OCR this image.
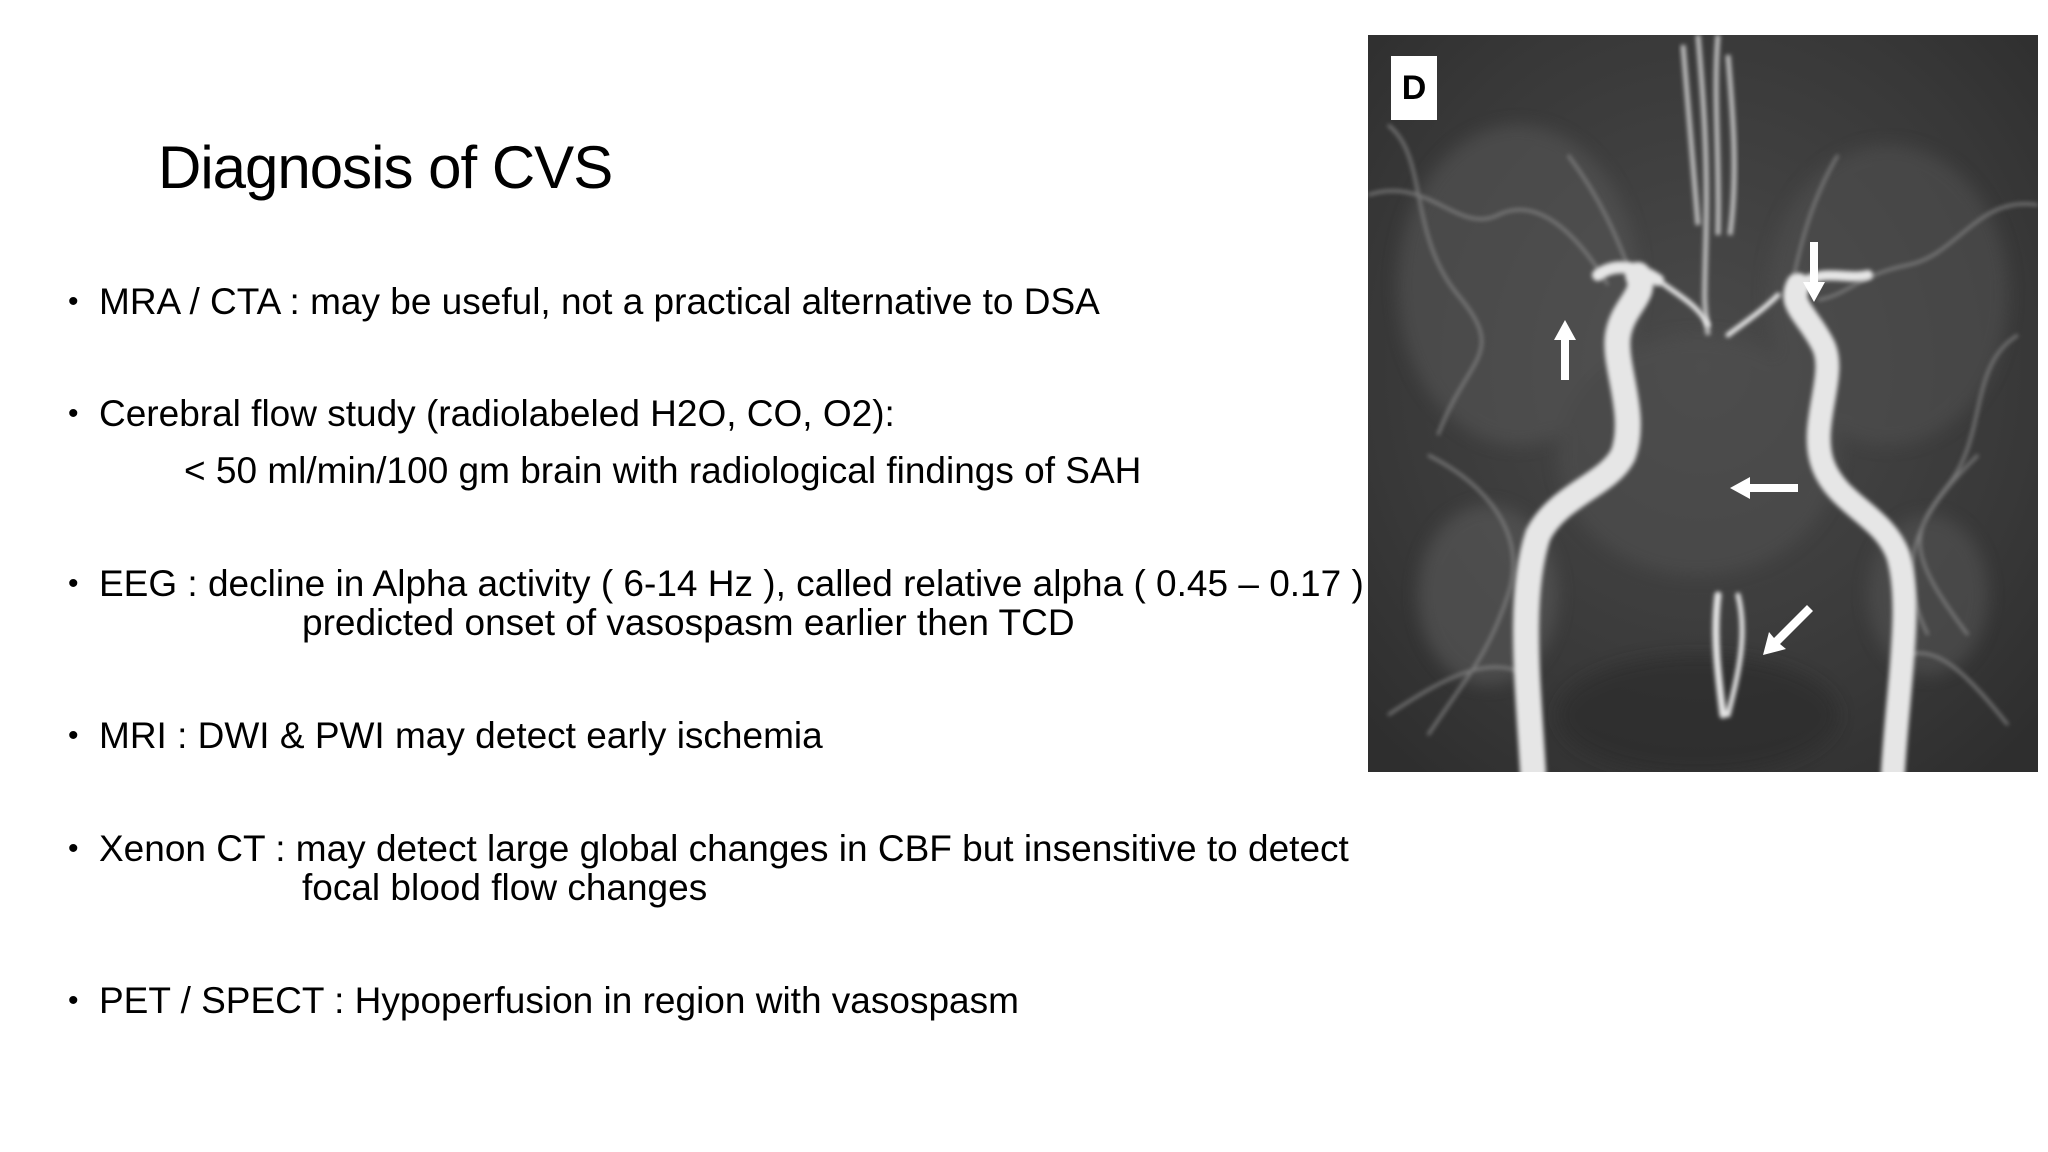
Diagnosis of CVS
• MRA / CTA : may be useful, not a practical alternative to DSA
• Cerebral flow study (radiolabeled H2O, CO, O2):
< 50 ml/min/100 gm brain with radiological findings of SAH
• EEG : decline in Alpha activity ( 6-14 Hz ), called relative alpha ( 0.45 – 0.17 )
predicted onset of vasospasm earlier then TCD
• MRI : DWI & PWI may detect early ischemia
• Xenon CT : may detect large global changes in CBF but insensitive to detect
focal blood flow changes
• PET / SPECT : Hypoperfusion in region with vasospasm
D
